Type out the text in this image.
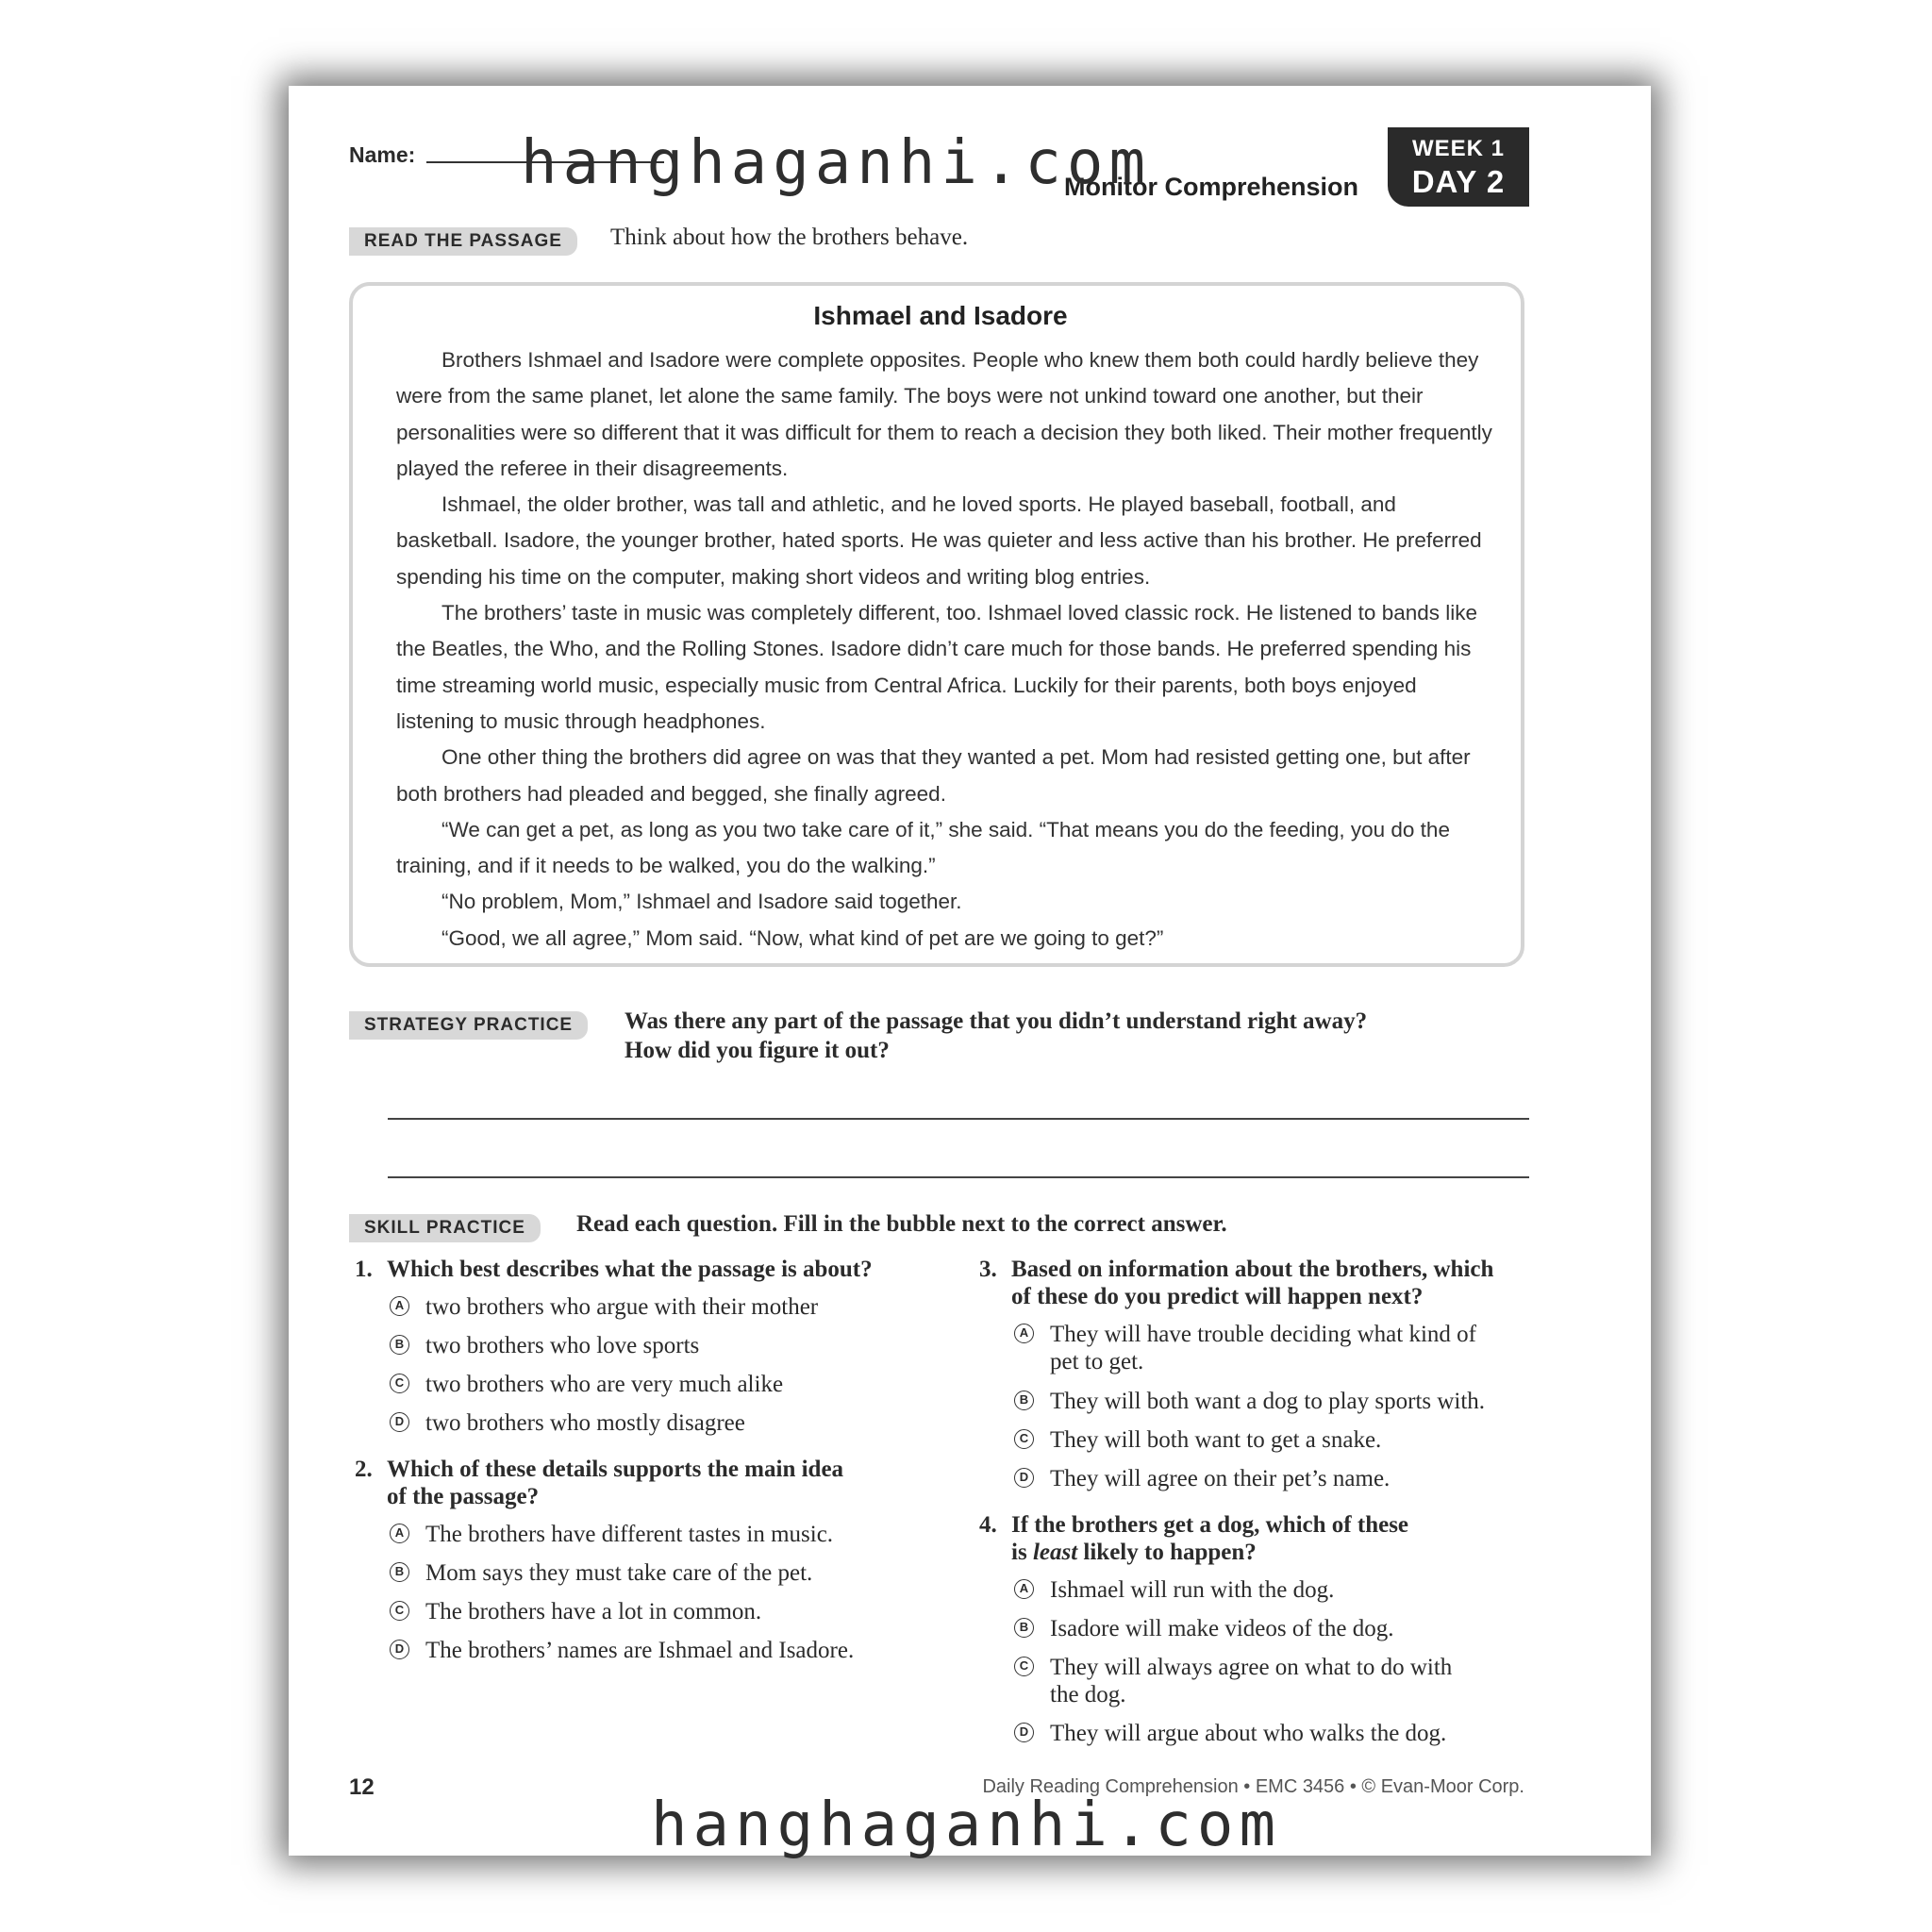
Name:
Monitor Comprehension
WEEK 1
DAY 2
READ THE PASSAGE	Think about how the brothers behave.
Ishmael and Isadore

Brothers Ishmael and Isadore were complete opposites. People who knew them both could hardly believe they were from the same planet, let alone the same family. The boys were not unkind toward one another, but their personalities were so different that it was difficult for them to reach a decision they both liked. Their mother frequently played the referee in their disagreements.

Ishmael, the older brother, was tall and athletic, and he loved sports. He played baseball, football, and basketball. Isadore, the younger brother, hated sports. He was quieter and less active than his brother. He preferred spending his time on the computer, making short videos and writing blog entries.

The brothers’ taste in music was completely different, too. Ishmael loved classic rock. He listened to bands like the Beatles, the Who, and the Rolling Stones. Isadore didn’t care much for those bands. He preferred spending his time streaming world music, especially music from Central Africa. Luckily for their parents, both boys enjoyed listening to music through headphones.

One other thing the brothers did agree on was that they wanted a pet. Mom had resisted getting one, but after both brothers had pleaded and begged, she finally agreed.

“We can get a pet, as long as you two take care of it,” she said. “That means you do the feeding, you do the training, and if it needs to be walked, you do the walking.”

“No problem, Mom,” Ishmael and Isadore said together.

“Good, we all agree,” Mom said. “Now, what kind of pet are we going to get?”

STRATEGY PRACTICE	Was there any part of the passage that you didn’t understand right away?
How did you figure it out?
SKILL PRACTICE	Read each question. Fill in the bubble next to the correct answer.
1. Which best describes what the passage is about?
A two brothers who argue with their mother
B two brothers who love sports
C two brothers who are very much alike
D two brothers who mostly disagree
2. Which of these details supports the main idea
of the passage?
A The brothers have different tastes in music.
B Mom says they must take care of the pet.
C The brothers have a lot in common.
D The brothers’ names are Ishmael and Isadore.
3. Based on information about the brothers, which
of these do you predict will happen next?
A They will have trouble deciding what kind of
pet to get.
B They will both want a dog to play sports with.
C They will both want to get a snake.
D They will agree on their pet’s name.
4. If the brothers get a dog, which of these
is least likely to happen?
A Ishmael will run with the dog.
B Isadore will make videos of the dog.
C They will always agree on what to do with
the dog.
D They will argue about who walks the dog.
12	Daily Reading Comprehension • EMC 3456 • © Evan-Moor Corp.
hanghaganhi.com
hanghaganhi.com
